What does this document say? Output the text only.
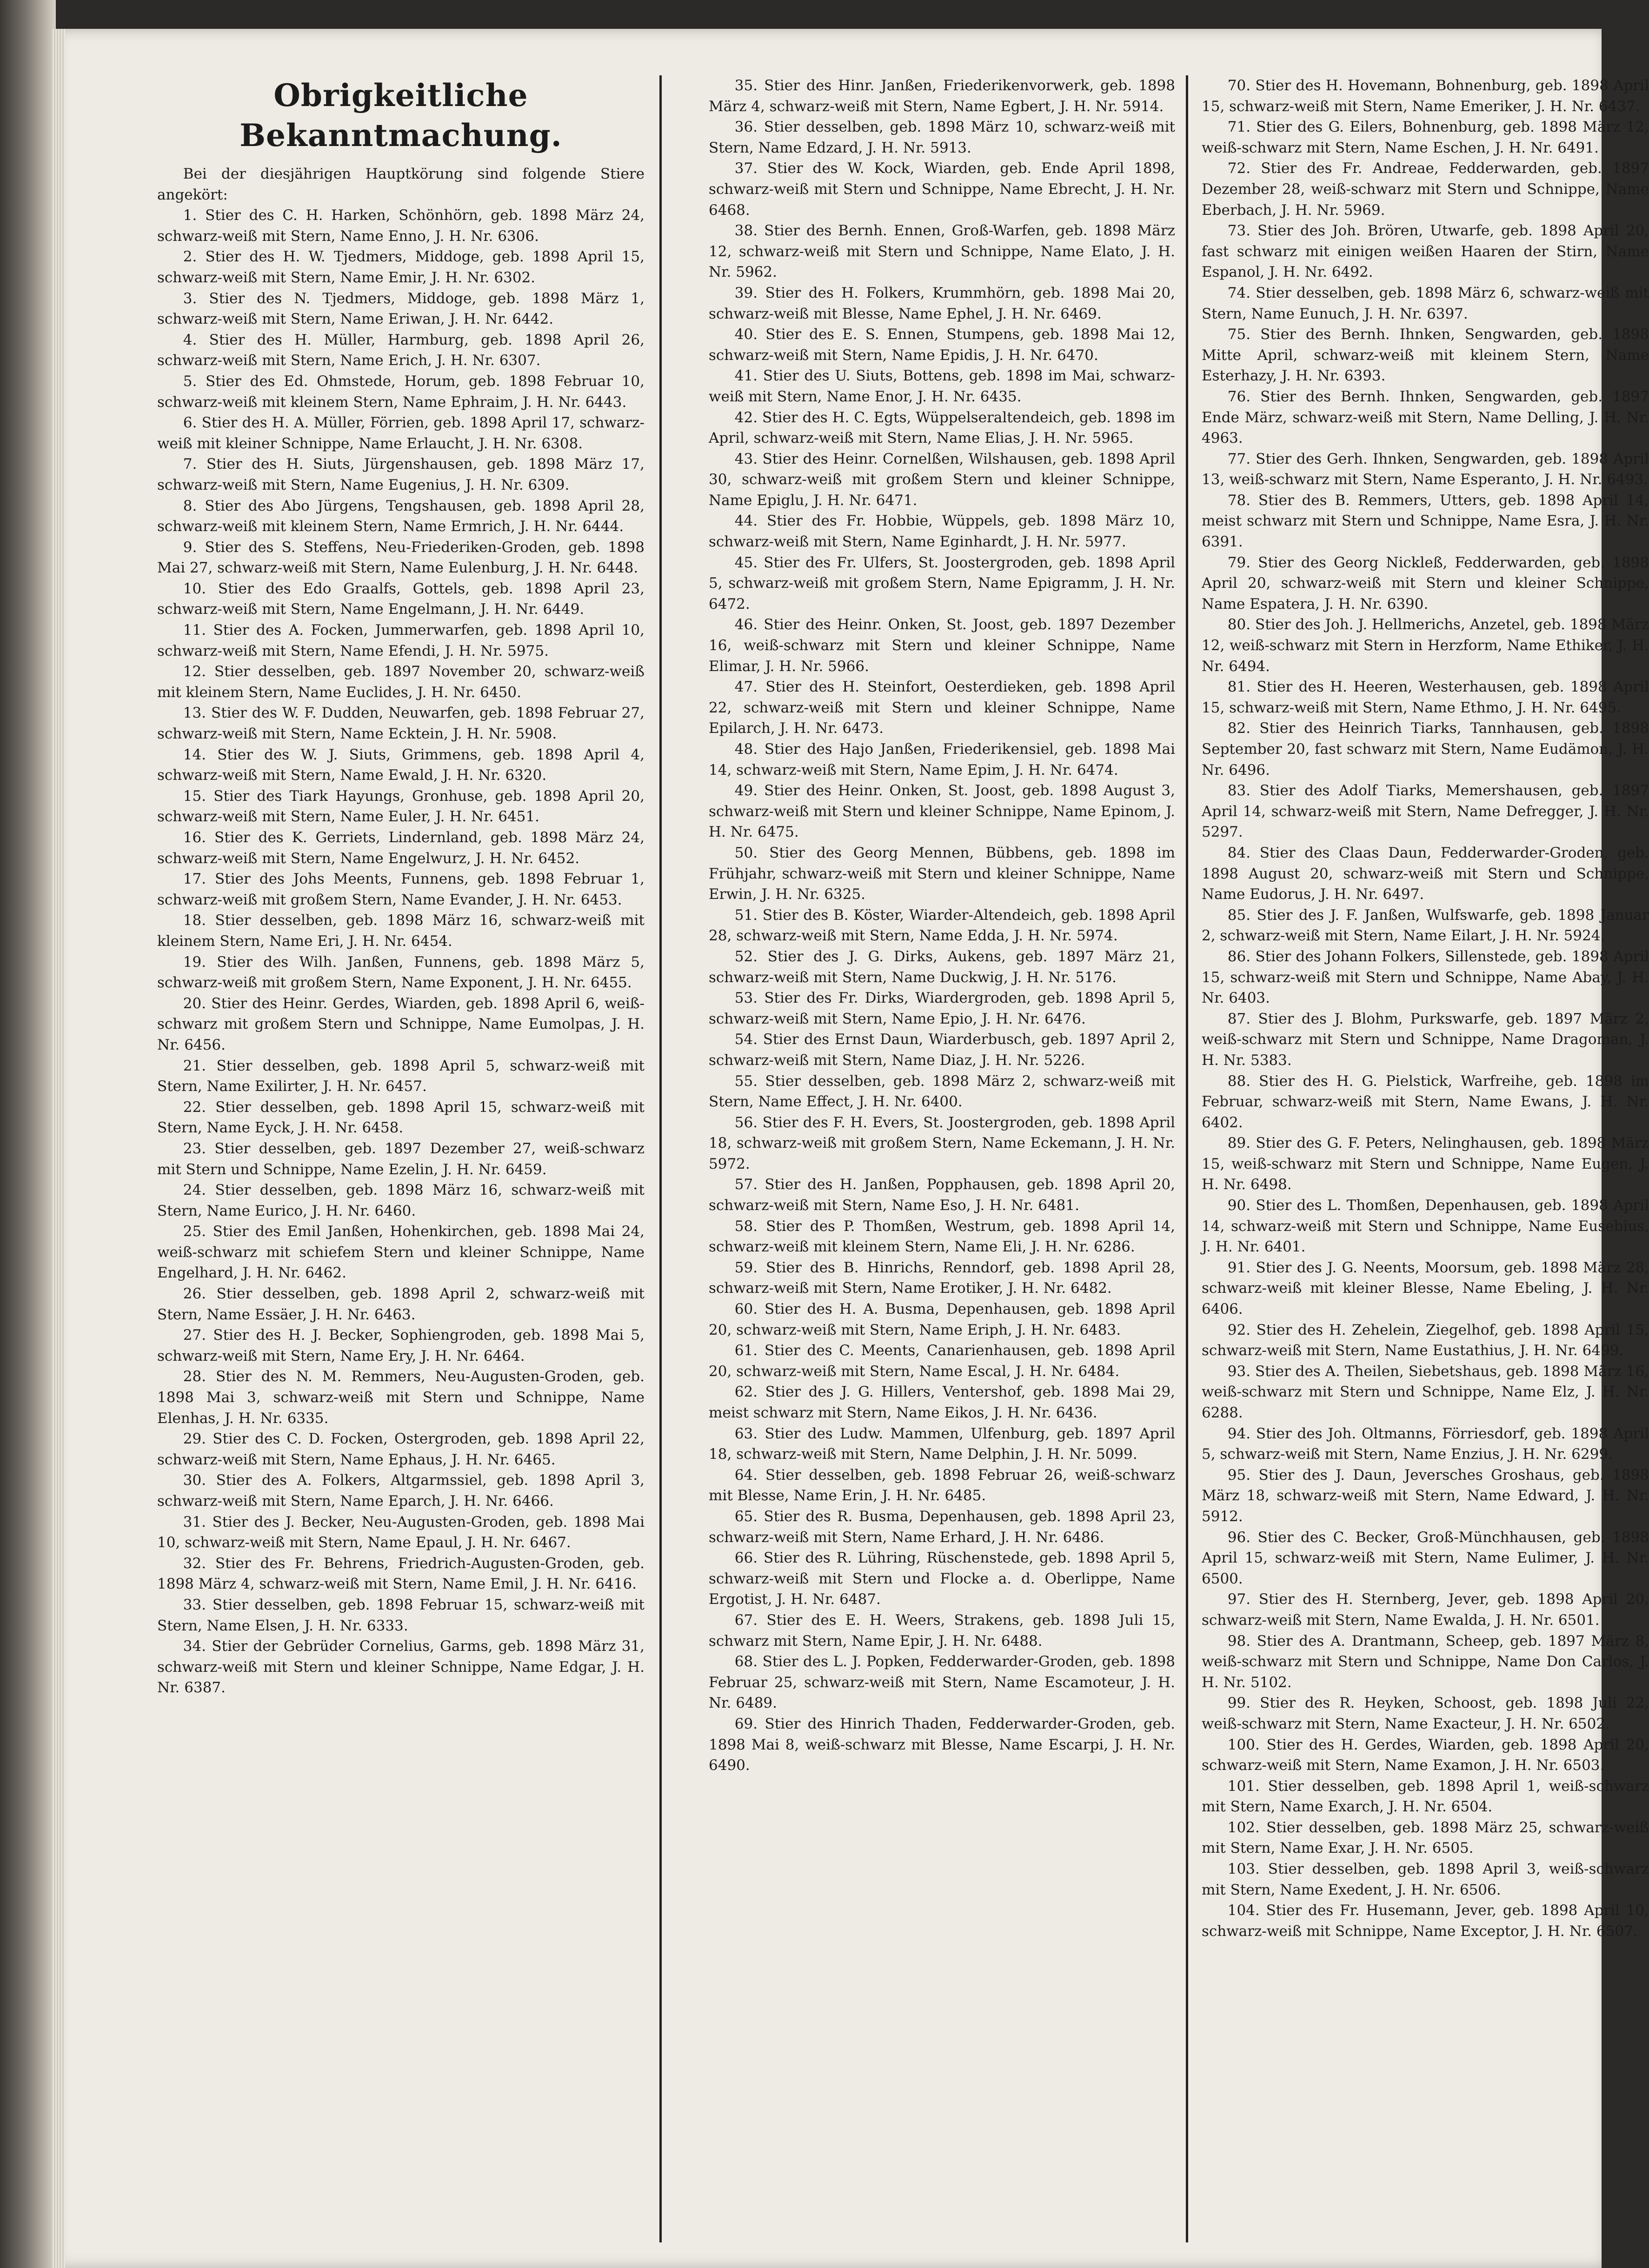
Obrigkeitliche Bekanntmachung.

Bei der diesjährigen Hauptkörung sind folgende Stiere angekört:

1. Stier des C. H. Harken, Schönhörn, geb. 1898 März 24, schwarz-weiß mit Stern, Name Enno, J. H. Nr. 6306.

2. Stier des H. W. Tjedmers, Middoge, geb. 1898 April 15, schwarz-weiß mit Stern, Name Emir, J. H. Nr. 6302.

3. Stier des N. Tjedmers, Middoge, geb. 1898 März 1, schwarz-weiß mit Stern, Name Eriwan, J. H. Nr. 6442.

4. Stier des H. Müller, Harmburg, geb. 1898 April 26, schwarz-weiß mit Stern, Name Erich, J. H. Nr. 6307.

5. Stier des Ed. Ohmstede, Horum, geb. 1898 Februar 10, schwarz-weiß mit kleinem Stern, Name Ephraim, J. H. Nr. 6443.

6. Stier des H. A. Müller, Förrien, geb. 1898 April 17, schwarz-weiß mit kleiner Schnippe, Name Erlaucht, J. H. Nr. 6308.

7. Stier des H. Siuts, Jürgenshausen, geb. 1898 März 17, schwarz-weiß mit Stern, Name Eugenius, J. H. Nr. 6309.

8. Stier des Abo Jürgens, Tengshausen, geb. 1898 April 28, schwarz-weiß mit kleinem Stern, Name Ermrich, J. H. Nr. 6444.

9. Stier des S. Steffens, Neu-Friederiken-Groden, geb. 1898 Mai 27, schwarz-weiß mit Stern, Name Eulenburg, J. H. Nr. 6448.

10. Stier des Edo Graalfs, Gottels, geb. 1898 April 23, schwarz-weiß mit Stern, Name Engelmann, J. H. Nr. 6449.

11. Stier des A. Focken, Jummerwarfen, geb. 1898 April 10, schwarz-weiß mit Stern, Name Efendi, J. H. Nr. 5975.

12. Stier desselben, geb. 1897 November 20, schwarz-weiß mit kleinem Stern, Name Euclides, J. H. Nr. 6450.

13. Stier des W. F. Dudden, Neuwarfen, geb. 1898 Februar 27, schwarz-weiß mit Stern, Name Ecktein, J. H. Nr. 5908.

14. Stier des W. J. Siuts, Grimmens, geb. 1898 April 4, schwarz-weiß mit Stern, Name Ewald, J. H. Nr. 6320.

15. Stier des Tiark Hayungs, Gronhuse, geb. 1898 April 20, schwarz-weiß mit Stern, Name Euler, J. H. Nr. 6451.

16. Stier des K. Gerriets, Lindernland, geb. 1898 März 24, schwarz-weiß mit Stern, Name Engelwurz, J. H. Nr. 6452.

17. Stier des Johs Meents, Funnens, geb. 1898 Februar 1, schwarz-weiß mit großem Stern, Name Evander, J. H. Nr. 6453.

18. Stier desselben, geb. 1898 März 16, schwarz-weiß mit kleinem Stern, Name Eri, J. H. Nr. 6454.

19. Stier des Wilh. Janßen, Funnens, geb. 1898 März 5, schwarz-weiß mit großem Stern, Name Exponent, J. H. Nr. 6455.

20. Stier des Heinr. Gerdes, Wiarden, geb. 1898 April 6, weiß-schwarz mit großem Stern und Schnippe, Name Eumolpas, J. H. Nr. 6456.

21. Stier desselben, geb. 1898 April 5, schwarz-weiß mit Stern, Name Exilirter, J. H. Nr. 6457.

22. Stier desselben, geb. 1898 April 15, schwarz-weiß mit Stern, Name Eyck, J. H. Nr. 6458.

23. Stier desselben, geb. 1897 Dezember 27, weiß-schwarz mit Stern und Schnippe, Name Ezelin, J. H. Nr. 6459.

24. Stier desselben, geb. 1898 März 16, schwarz-weiß mit Stern, Name Eurico, J. H. Nr. 6460.

25. Stier des Emil Janßen, Hohenkirchen, geb. 1898 Mai 24, weiß-schwarz mit schiefem Stern und kleiner Schnippe, Name Engelhard, J. H. Nr. 6462.

26. Stier desselben, geb. 1898 April 2, schwarz-weiß mit Stern, Name Essäer, J. H. Nr. 6463.

27. Stier des H. J. Becker, Sophiengroden, geb. 1898 Mai 5, schwarz-weiß mit Stern, Name Ery, J. H. Nr. 6464.

28. Stier des N. M. Remmers, Neu-Augusten-Groden, geb. 1898 Mai 3, schwarz-weiß mit Stern und Schnippe, Name Elenhas, J. H. Nr. 6335.

29. Stier des C. D. Focken, Ostergroden, geb. 1898 April 22, schwarz-weiß mit Stern, Name Ephaus, J. H. Nr. 6465.

30. Stier des A. Folkers, Altgarmssiel, geb. 1898 April 3, schwarz-weiß mit Stern, Name Eparch, J. H. Nr. 6466.

31. Stier des J. Becker, Neu-Augusten-Groden, geb. 1898 Mai 10, schwarz-weiß mit Stern, Name Epaul, J. H. Nr. 6467.

32. Stier des Fr. Behrens, Friedrich-Augusten-Groden, geb. 1898 März 4, schwarz-weiß mit Stern, Name Emil, J. H. Nr. 6416.

33. Stier desselben, geb. 1898 Februar 15, schwarz-weiß mit Stern, Name Elsen, J. H. Nr. 6333.

34. Stier der Gebrüder Cornelius, Garms, geb. 1898 März 31, schwarz-weiß mit Stern und kleiner Schnippe, Name Edgar, J. H. Nr. 6387.

35. Stier des Hinr. Janßen, Friederikenvorwerk, geb. 1898 März 4, schwarz-weiß mit Stern, Name Egbert, J. H. Nr. 5914.

36. Stier desselben, geb. 1898 März 10, schwarz-weiß mit Stern, Name Edzard, J. H. Nr. 5913.

37. Stier des W. Kock, Wiarden, geb. Ende April 1898, schwarz-weiß mit Stern und Schnippe, Name Ebrecht, J. H. Nr. 6468.

38. Stier des Bernh. Ennen, Groß-Warfen, geb. 1898 März 12, schwarz-weiß mit Stern und Schnippe, Name Elato, J. H. Nr. 5962.

39. Stier des H. Folkers, Krummhörn, geb. 1898 Mai 20, schwarz-weiß mit Blesse, Name Ephel, J. H. Nr. 6469.

40. Stier des E. S. Ennen, Stumpens, geb. 1898 Mai 12, schwarz-weiß mit Stern, Name Epidis, J. H. Nr. 6470.

41. Stier des U. Siuts, Bottens, geb. 1898 im Mai, schwarz-weiß mit Stern, Name Enor, J. H. Nr. 6435.

42. Stier des H. C. Egts, Wüppelseraltendeich, geb. 1898 im April, schwarz-weiß mit Stern, Name Elias, J. H. Nr. 5965.

43. Stier des Heinr. Cornelßen, Wilshausen, geb. 1898 April 30, schwarz-weiß mit großem Stern und kleiner Schnippe, Name Epiglu, J. H. Nr. 6471.

44. Stier des Fr. Hobbie, Wüppels, geb. 1898 März 10, schwarz-weiß mit Stern, Name Eginhardt, J. H. Nr. 5977.

45. Stier des Fr. Ulfers, St. Joostergroden, geb. 1898 April 5, schwarz-weiß mit großem Stern, Name Epigramm, J. H. Nr. 6472.

46. Stier des Heinr. Onken, St. Joost, geb. 1897 Dezember 16, weiß-schwarz mit Stern und kleiner Schnippe, Name Elimar, J. H. Nr. 5966.

47. Stier des H. Steinfort, Oesterdieken, geb. 1898 April 22, schwarz-weiß mit Stern und kleiner Schnippe, Name Epilarch, J. H. Nr. 6473.

48. Stier des Hajo Janßen, Friederikensiel, geb. 1898 Mai 14, schwarz-weiß mit Stern, Name Epim, J. H. Nr. 6474.

49. Stier des Heinr. Onken, St. Joost, geb. 1898 August 3, schwarz-weiß mit Stern und kleiner Schnippe, Name Epinom, J. H. Nr. 6475.

50. Stier des Georg Mennen, Bübbens, geb. 1898 im Frühjahr, schwarz-weiß mit Stern und kleiner Schnippe, Name Erwin, J. H. Nr. 6325.

51. Stier des B. Köster, Wiarder-Altendeich, geb. 1898 April 28, schwarz-weiß mit Stern, Name Edda, J. H. Nr. 5974.

52. Stier des J. G. Dirks, Aukens, geb. 1897 März 21, schwarz-weiß mit Stern, Name Duckwig, J. H. Nr. 5176.

53. Stier des Fr. Dirks, Wiardergroden, geb. 1898 April 5, schwarz-weiß mit Stern, Name Epio, J. H. Nr. 6476.

54. Stier des Ernst Daun, Wiarderbusch, geb. 1897 April 2, schwarz-weiß mit Stern, Name Diaz, J. H. Nr. 5226.

55. Stier desselben, geb. 1898 März 2, schwarz-weiß mit Stern, Name Effect, J. H. Nr. 6400.

56. Stier des F. H. Evers, St. Joostergroden, geb. 1898 April 18, schwarz-weiß mit großem Stern, Name Eckemann, J. H. Nr. 5972.

57. Stier des H. Janßen, Popphausen, geb. 1898 April 20, schwarz-weiß mit Stern, Name Eso, J. H. Nr. 6481.

58. Stier des P. Thomßen, Westrum, geb. 1898 April 14, schwarz-weiß mit kleinem Stern, Name Eli, J. H. Nr. 6286.

59. Stier des B. Hinrichs, Renndorf, geb. 1898 April 28, schwarz-weiß mit Stern, Name Erotiker, J. H. Nr. 6482.

60. Stier des H. A. Busma, Depenhausen, geb. 1898 April 20, schwarz-weiß mit Stern, Name Eriph, J. H. Nr. 6483.

61. Stier des C. Meents, Canarienhausen, geb. 1898 April 20, schwarz-weiß mit Stern, Name Escal, J. H. Nr. 6484.

62. Stier des J. G. Hillers, Ventershof, geb. 1898 Mai 29, meist schwarz mit Stern, Name Eikos, J. H. Nr. 6436.

63. Stier des Ludw. Mammen, Ulfenburg, geb. 1897 April 18, schwarz-weiß mit Stern, Name Delphin, J. H. Nr. 5099.

64. Stier desselben, geb. 1898 Februar 26, weiß-schwarz mit Blesse, Name Erin, J. H. Nr. 6485.

65. Stier des R. Busma, Depenhausen, geb. 1898 April 23, schwarz-weiß mit Stern, Name Erhard, J. H. Nr. 6486.

66. Stier des R. Lühring, Rüschenstede, geb. 1898 April 5, schwarz-weiß mit Stern und Flocke a. d. Oberlippe, Name Ergotist, J. H. Nr. 6487.

67. Stier des E. H. Weers, Strakens, geb. 1898 Juli 15, schwarz mit Stern, Name Epir, J. H. Nr. 6488.

68. Stier des L. J. Popken, Fedderwarder-Groden, geb. 1898 Februar 25, schwarz-weiß mit Stern, Name Escamoteur, J. H. Nr. 6489.

69. Stier des Hinrich Thaden, Fedderwarder-Groden, geb. 1898 Mai 8, weiß-schwarz mit Blesse, Name Escarpi, J. H. Nr. 6490.

70. Stier des H. Hovemann, Bohnenburg, geb. 1898 April 15, schwarz-weiß mit Stern, Name Emeriker, J. H. Nr. 6437.

71. Stier des G. Eilers, Bohnenburg, geb. 1898 März 12, weiß-schwarz mit Stern, Name Eschen, J. H. Nr. 6491.

72. Stier des Fr. Andreae, Fedderwarden, geb. 1897 Dezember 28, weiß-schwarz mit Stern und Schnippe, Name Eberbach, J. H. Nr. 5969.

73. Stier des Joh. Brören, Utwarfe, geb. 1898 April 20, fast schwarz mit einigen weißen Haaren der Stirn, Name Espanol, J. H. Nr. 6492.

74. Stier desselben, geb. 1898 März 6, schwarz-weiß mit Stern, Name Eunuch, J. H. Nr. 6397.

75. Stier des Bernh. Ihnken, Sengwarden, geb. 1898 Mitte April, schwarz-weiß mit kleinem Stern, Name Esterhazy, J. H. Nr. 6393.

76. Stier des Bernh. Ihnken, Sengwarden, geb. 1897 Ende März, schwarz-weiß mit Stern, Name Delling, J. H. Nr. 4963.

77. Stier des Gerh. Ihnken, Sengwarden, geb. 1898 April 13, weiß-schwarz mit Stern, Name Esperanto, J. H. Nr. 6493.

78. Stier des B. Remmers, Utters, geb. 1898 April 14, meist schwarz mit Stern und Schnippe, Name Esra, J. H. Nr. 6391.

79. Stier des Georg Nickleß, Fedderwarden, geb. 1898 April 20, schwarz-weiß mit Stern und kleiner Schnippe, Name Espatera, J. H. Nr. 6390.

80. Stier des Joh. J. Hellmerichs, Anzetel, geb. 1898 März 12, weiß-schwarz mit Stern in Herzform, Name Ethiker, J. H. Nr. 6494.

81. Stier des H. Heeren, Westerhausen, geb. 1898 April 15, schwarz-weiß mit Stern, Name Ethmo, J. H. Nr. 6495.

82. Stier des Heinrich Tiarks, Tannhausen, geb. 1898 September 20, fast schwarz mit Stern, Name Eudämon, J. H. Nr. 6496.

83. Stier des Adolf Tiarks, Memershausen, geb. 1897 April 14, schwarz-weiß mit Stern, Name Defregger, J. H. Nr. 5297.

84. Stier des Claas Daun, Fedderwarder-Groden, geb. 1898 August 20, schwarz-weiß mit Stern und Schnippe, Name Eudorus, J. H. Nr. 6497.

85. Stier des J. F. Janßen, Wulfswarfe, geb. 1898 Januar 2, schwarz-weiß mit Stern, Name Eilart, J. H. Nr. 5924.

86. Stier des Johann Folkers, Sillenstede, geb. 1898 April 15, schwarz-weiß mit Stern und Schnippe, Name Abay, J. H. Nr. 6403.

87. Stier des J. Blohm, Purkswarfe, geb. 1897 März 2, weiß-schwarz mit Stern und Schnippe, Name Dragoman, J. H. Nr. 5383.

88. Stier des H. G. Pielstick, Warfreihe, geb. 1898 im Februar, schwarz-weiß mit Stern, Name Ewans, J. H. Nr. 6402.

89. Stier des G. F. Peters, Nelinghausen, geb. 1898 März 15, weiß-schwarz mit Stern und Schnippe, Name Eugen, J. H. Nr. 6498.

90. Stier des L. Thomßen, Depenhausen, geb. 1898 April 14, schwarz-weiß mit Stern und Schnippe, Name Eusebius, J. H. Nr. 6401.

91. Stier des J. G. Neents, Moorsum, geb. 1898 März 28, schwarz-weiß mit kleiner Blesse, Name Ebeling, J. H. Nr. 6406.

92. Stier des H. Zehelein, Ziegelhof, geb. 1898 April 15, schwarz-weiß mit Stern, Name Eustathius, J. H. Nr. 6499.

93. Stier des A. Theilen, Siebetshaus, geb. 1898 März 16, weiß-schwarz mit Stern und Schnippe, Name Elz, J. H. Nr. 6288.

94. Stier des Joh. Oltmanns, Förriesdorf, geb. 1898 April 5, schwarz-weiß mit Stern, Name Enzius, J. H. Nr. 6299.

95. Stier des J. Daun, Jeversches Groshaus, geb. 1898 März 18, schwarz-weiß mit Stern, Name Edward, J. H. Nr. 5912.

96. Stier des C. Becker, Groß-Münchhausen, geb. 1898 April 15, schwarz-weiß mit Stern, Name Eulimer, J. H. Nr. 6500.

97. Stier des H. Sternberg, Jever, geb. 1898 April 20, schwarz-weiß mit Stern, Name Ewalda, J. H. Nr. 6501.

98. Stier des A. Drantmann, Scheep, geb. 1897 März 8, weiß-schwarz mit Stern und Schnippe, Name Don Carlos, J. H. Nr. 5102.

99. Stier des R. Heyken, Schoost, geb. 1898 Juli 22, weiß-schwarz mit Stern, Name Exacteur, J. H. Nr. 6502.

100. Stier des H. Gerdes, Wiarden, geb. 1898 April 20, schwarz-weiß mit Stern, Name Examon, J. H. Nr. 6503.

101. Stier desselben, geb. 1898 April 1, weiß-schwarz mit Stern, Name Exarch, J. H. Nr. 6504.

102. Stier desselben, geb. 1898 März 25, schwarz-weiß mit Stern, Name Exar, J. H. Nr. 6505.

103. Stier desselben, geb. 1898 April 3, weiß-schwarz mit Stern, Name Exedent, J. H. Nr. 6506.

104. Stier des Fr. Husemann, Jever, geb. 1898 April 10, schwarz-weiß mit Schnippe, Name Exceptor, J. H. Nr. 6507.
